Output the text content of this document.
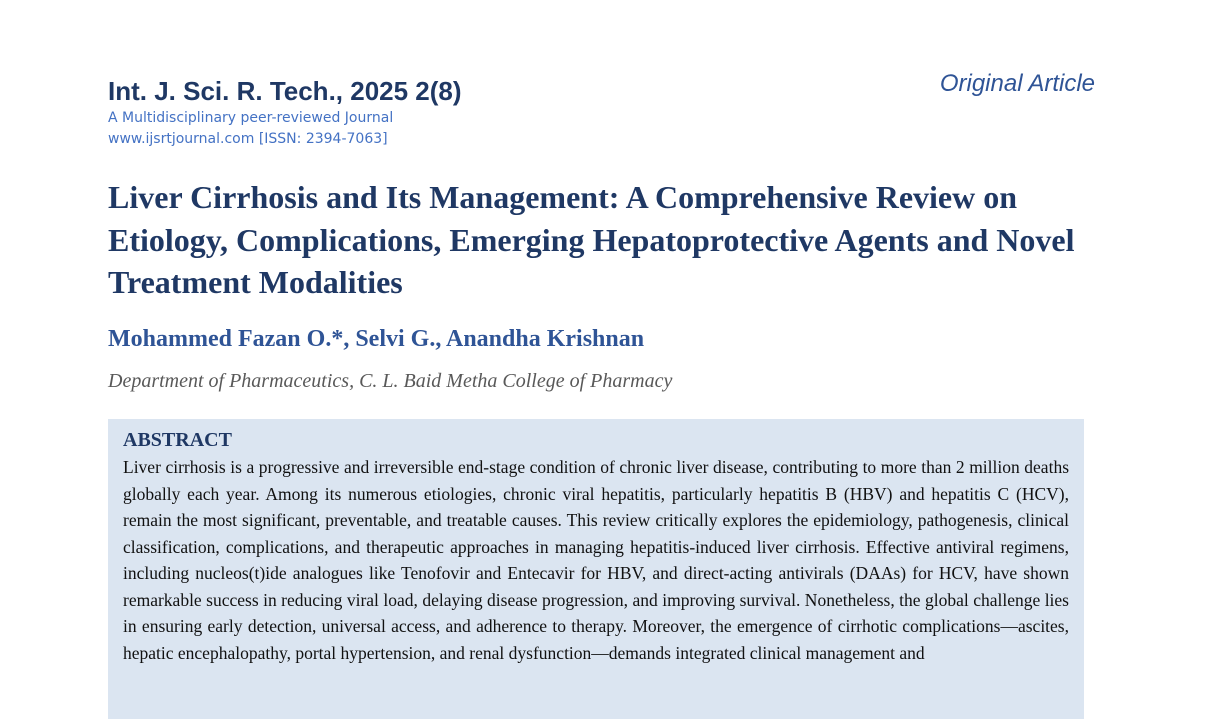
Int. J. Sci. R. Tech., 2025 2(8)
A Multidisciplinary peer-reviewed Journal
www.ijsrtjournal.com [ISSN: 2394-7063]
Original Article
Liver Cirrhosis and Its Management: A Comprehensive Review on Etiology, Complications, Emerging Hepatoprotective Agents and Novel Treatment Modalities
Mohammed Fazan O.*, Selvi G., Anandha Krishnan
Department of Pharmaceutics, C. L. Baid Metha College of Pharmacy
ABSTRACT
Liver cirrhosis is a progressive and irreversible end-stage condition of chronic liver disease, contributing to more than 2 million deaths globally each year. Among its numerous etiologies, chronic viral hepatitis, particularly hepatitis B (HBV) and hepatitis C (HCV), remain the most significant, preventable, and treatable causes. This review critically explores the epidemiology, pathogenesis, clinical classification, complications, and therapeutic approaches in managing hepatitis-induced liver cirrhosis. Effective antiviral regimens, including nucleos(t)ide analogues like Tenofovir and Entecavir for HBV, and direct-acting antivirals (DAAs) for HCV, have shown remarkable success in reducing viral load, delaying disease progression, and improving survival. Nonetheless, the global challenge lies in ensuring early detection, universal access, and adherence to therapy. Moreover, the emergence of cirrhotic complications—ascites, hepatic encephalopathy, portal hypertension, and renal dysfunction—demands integrated clinical management and
